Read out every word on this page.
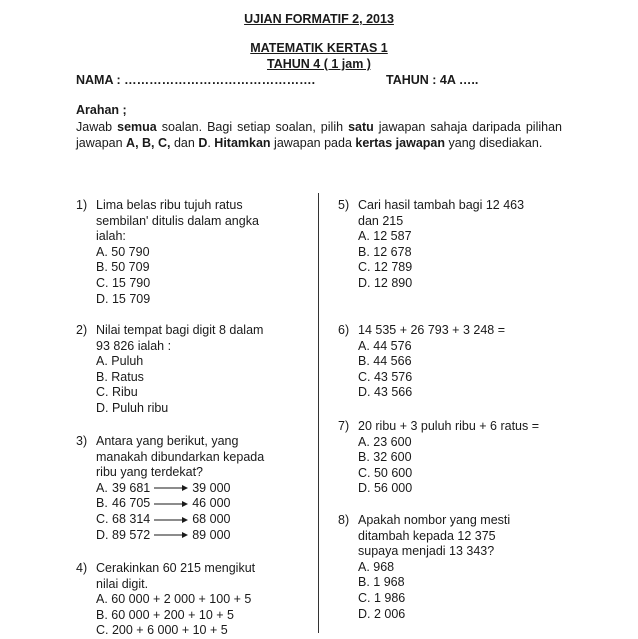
UJIAN FORMATIF 2, 2013
MATEMATIK KERTAS 1
TAHUN 4 ( 1 jam )
NAMA : ……………………………………….	TAHUN : 4A …..
Arahan ;
Jawab semua soalan. Bagi setiap soalan, pilih satu jawapan sahaja daripada pilihan jawapan A, B, C, dan D. Hitamkan jawapan pada kertas jawapan yang disediakan.
1) Lima belas ribu tujuh ratus
sembilan' ditulis dalam angka
ialah:
A. 50 790
B. 50 709
C. 15 790
D. 15 709
2) Nilai tempat bagi digit 8 dalam
93 826 ialah :
A. Puluh
B. Ratus
C. Ribu
D. Puluh ribu
3) Antara yang berikut, yang
manakah dibundarkan kepada
ribu yang terdekat?
A. 39 681	39 000
B. 46 705	46 000
C. 68 314	68 000
D. 89 572	89 000
4) Cerakinkan 60 215 mengikut
nilai digit.
A. 60 000 + 2 000 + 100 + 5
B. 60 000 + 200 + 10 + 5
C. 200 + 6 000 + 10 + 5
5) Cari hasil tambah bagi 12 463
dan 215
A. 12 587
B. 12 678
C. 12 789
D. 12 890
6) 14 535 + 26 793 + 3 248 =
A. 44 576
B. 44 566
C. 43 576
D. 43 566
7) 20 ribu + 3 puluh ribu + 6 ratus =
A. 23 600
B. 32 600
C. 50 600
D. 56 000
8) Apakah nombor yang mesti
ditambah kepada 12 375
supaya menjadi 13 343?
A. 968
B. 1 968
C. 1 986
D. 2 006
